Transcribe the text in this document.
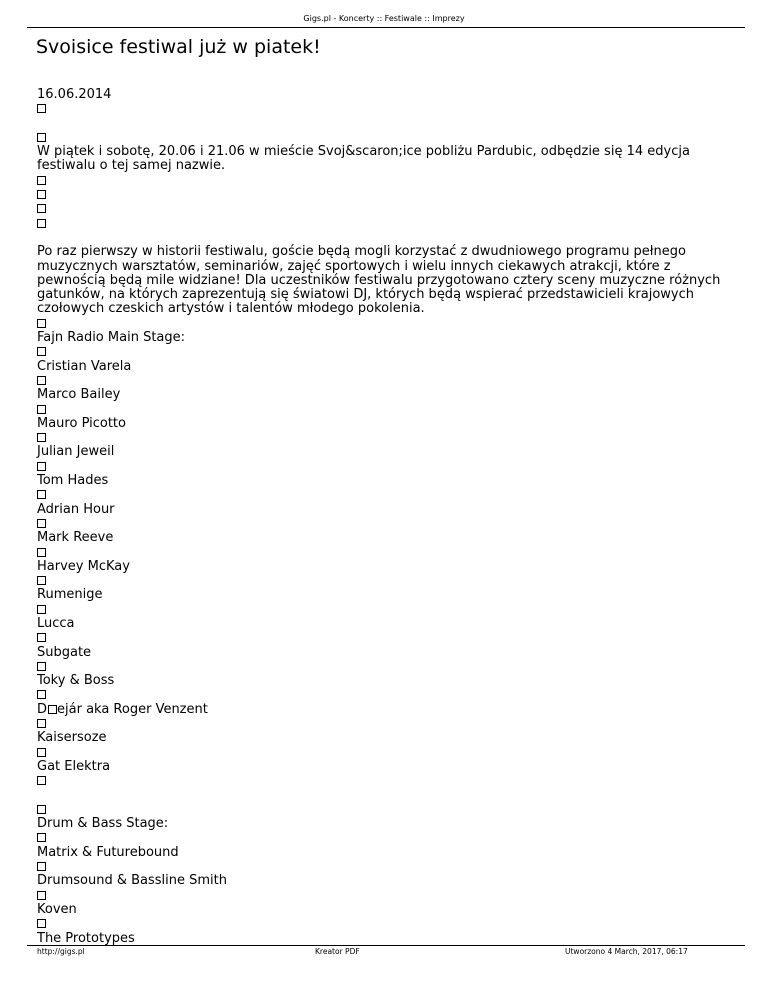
Gigs.pl - Koncerty :: Festiwale :: Imprezy
Svoisice festiwal już w piatek!
16.06.2014
W piątek i sobotę, 20.06 i 21.06 w mieście Svoj&scaron;ice pobliżu Pardubic, odbędzie się 14 edycja festiwalu o tej samej nazwie.
Po raz pierwszy w historii festiwalu, goście będą mogli korzystać z dwudniowego programu pełnego muzycznych warsztatów, seminariów, zajęć sportowych i wielu innych ciekawych atrakcji, które z pewnością będą mile widziane! Dla uczestników festiwalu przygotowano cztery sceny muzyczne różnych gatunków, na których zaprezentują się światowi DJ, których będą wspierać przedstawicieli krajowych czołowych czeskich artystów i talentów młodego pokolenia.
Fajn Radio Main Stage:
Cristian Varela
Marco Bailey
Mauro Picotto
Julian Jeweil
Tom Hades
Adrian Hour
Mark Reeve
Harvey McKay
Rumenige
Lucca
Subgate
Toky & Boss
D ejár aka Roger Venzent
Kaisersoze
Gat Elektra
Drum & Bass Stage:
Matrix & Futurebound
Drumsound & Bassline Smith
Koven
The Prototypes
http://gigs.pl	Kreator PDF	Utworzono 4 March, 2017, 06:17
